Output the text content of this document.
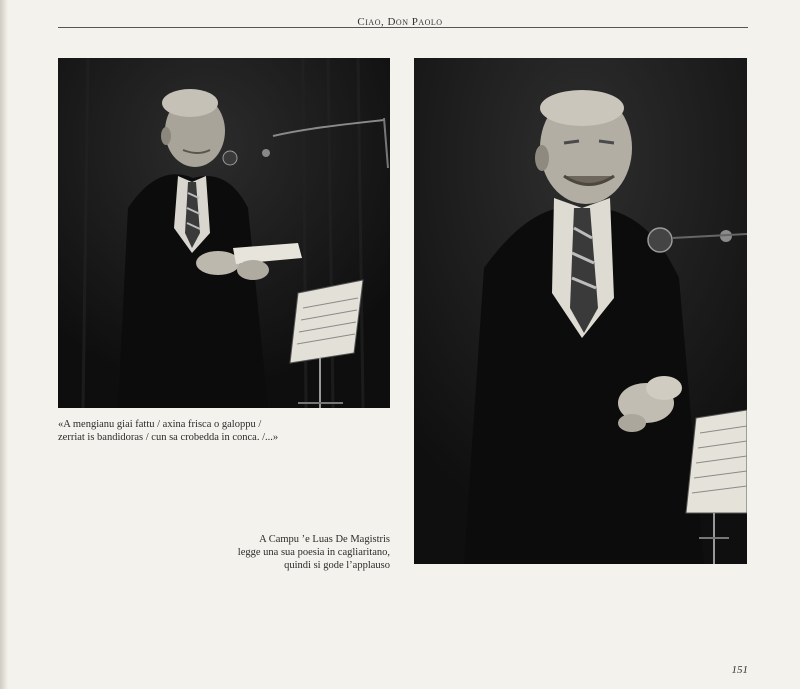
Ciao, Don Paolo
«A mengianu giai fattu / axina frisca o galoppu /
zerriat is bandidoras / cun sa crobedda in conca. /...»
A Campu ’e Luas De Magistris
legge una sua poesia in cagliaritano,
quindi si gode l’applauso
151
